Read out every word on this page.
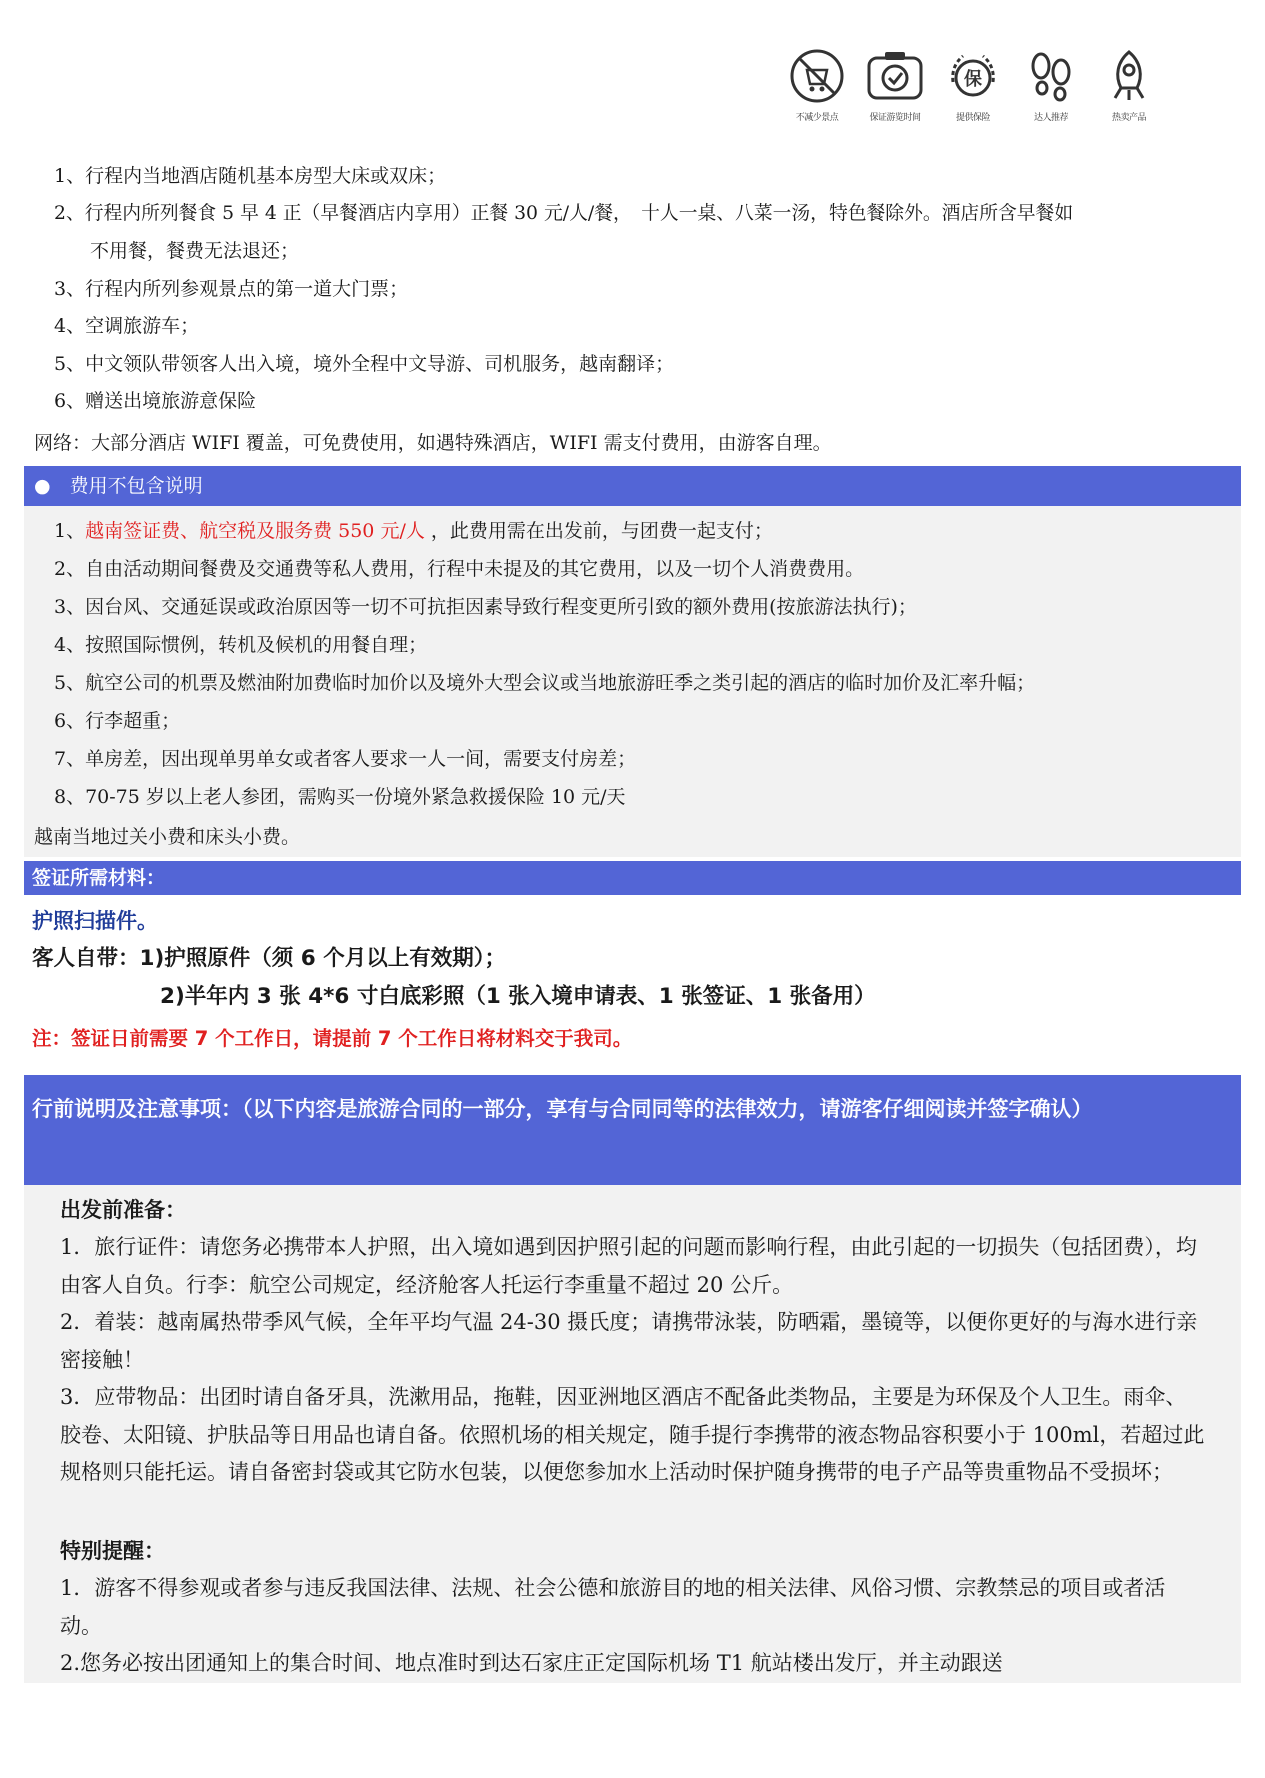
不减少景点	保证游览时间
保
提供保险	达人推荐	热卖产品
1、行程内当地酒店随机基本房型大床或双床；
2、行程内所列餐食 5 早 4 正（早餐酒店内享用）正餐 30 元/人/餐，　十人一桌、八菜一汤，特色餐除外。酒店所含早餐如
不用餐，餐费无法退还；
3、行程内所列参观景点的第一道大门票；
4、空调旅游车；
5、中文领队带领客人出入境，境外全程中文导游、司机服务，越南翻译；
6、赠送出境旅游意保险
网络：大部分酒店 WIFI 覆盖，可免费使用，如遇特殊酒店，WIFI 需支付费用，由游客自理。
●　费用不包含说明
1、越南签证费、航空税及服务费 550 元/人 ，此费用需在出发前，与团费一起支付；
2、自由活动期间餐费及交通费等私人费用，行程中未提及的其它费用，以及一切个人消费费用。
3、因台风、交通延误或政治原因等一切不可抗拒因素导致行程变更所引致的额外费用(按旅游法执行)；
4、按照国际惯例，转机及候机的用餐自理；
5、航空公司的机票及燃油附加费临时加价以及境外大型会议或当地旅游旺季之类引起的酒店的临时加价及汇率升幅；
6、行李超重；
7、单房差，因出现单男单女或者客人要求一人一间，需要支付房差；
8、70-75 岁以上老人参团，需购买一份境外紧急救援保险 10 元/天
越南当地过关小费和床头小费。
签证所需材料：
护照扫描件。
客人自带：1)护照原件（须 6 个月以上有效期）；
2)半年内 3 张 4*6 寸白底彩照（1 张入境申请表、1 张签证、1 张备用）
注：签证日前需要 7 个工作日，请提前 7 个工作日将材料交于我司。
行前说明及注意事项：（以下内容是旅游合同的一部分，享有与合同同等的法律效力，请游客仔细阅读并签字确认）
出发前准备：
1．旅行证件：请您务必携带本人护照，出入境如遇到因护照引起的问题而影响行程，由此引起的一切损失（包括团费），均由客人自负。行李：航空公司规定，经济舱客人托运行李重量不超过 20 公斤。
2．着装：越南属热带季风气候，全年平均气温 24-30 摄氏度；请携带泳装，防晒霜，墨镜等，以便你更好的与海水进行亲密接触！
3．应带物品：出团时请自备牙具，洗漱用品，拖鞋，因亚洲地区酒店不配备此类物品，主要是为环保及个人卫生。雨伞、胶卷、太阳镜、护肤品等日用品也请自备。依照机场的相关规定，随手提行李携带的液态物品容积要小于 100ml，若超过此规格则只能托运。请自备密封袋或其它防水包装，以便您参加水上活动时保护随身携带的电子产品等贵重物品不受损坏；
特别提醒：
1．游客不得参观或者参与违反我国法律、法规、社会公德和旅游目的地的相关法律、风俗习惯、宗教禁忌的项目或者活动。
2.您务必按出团通知上的集合时间、地点准时到达石家庄正定国际机场 T1 航站楼出发厅，并主动跟送
